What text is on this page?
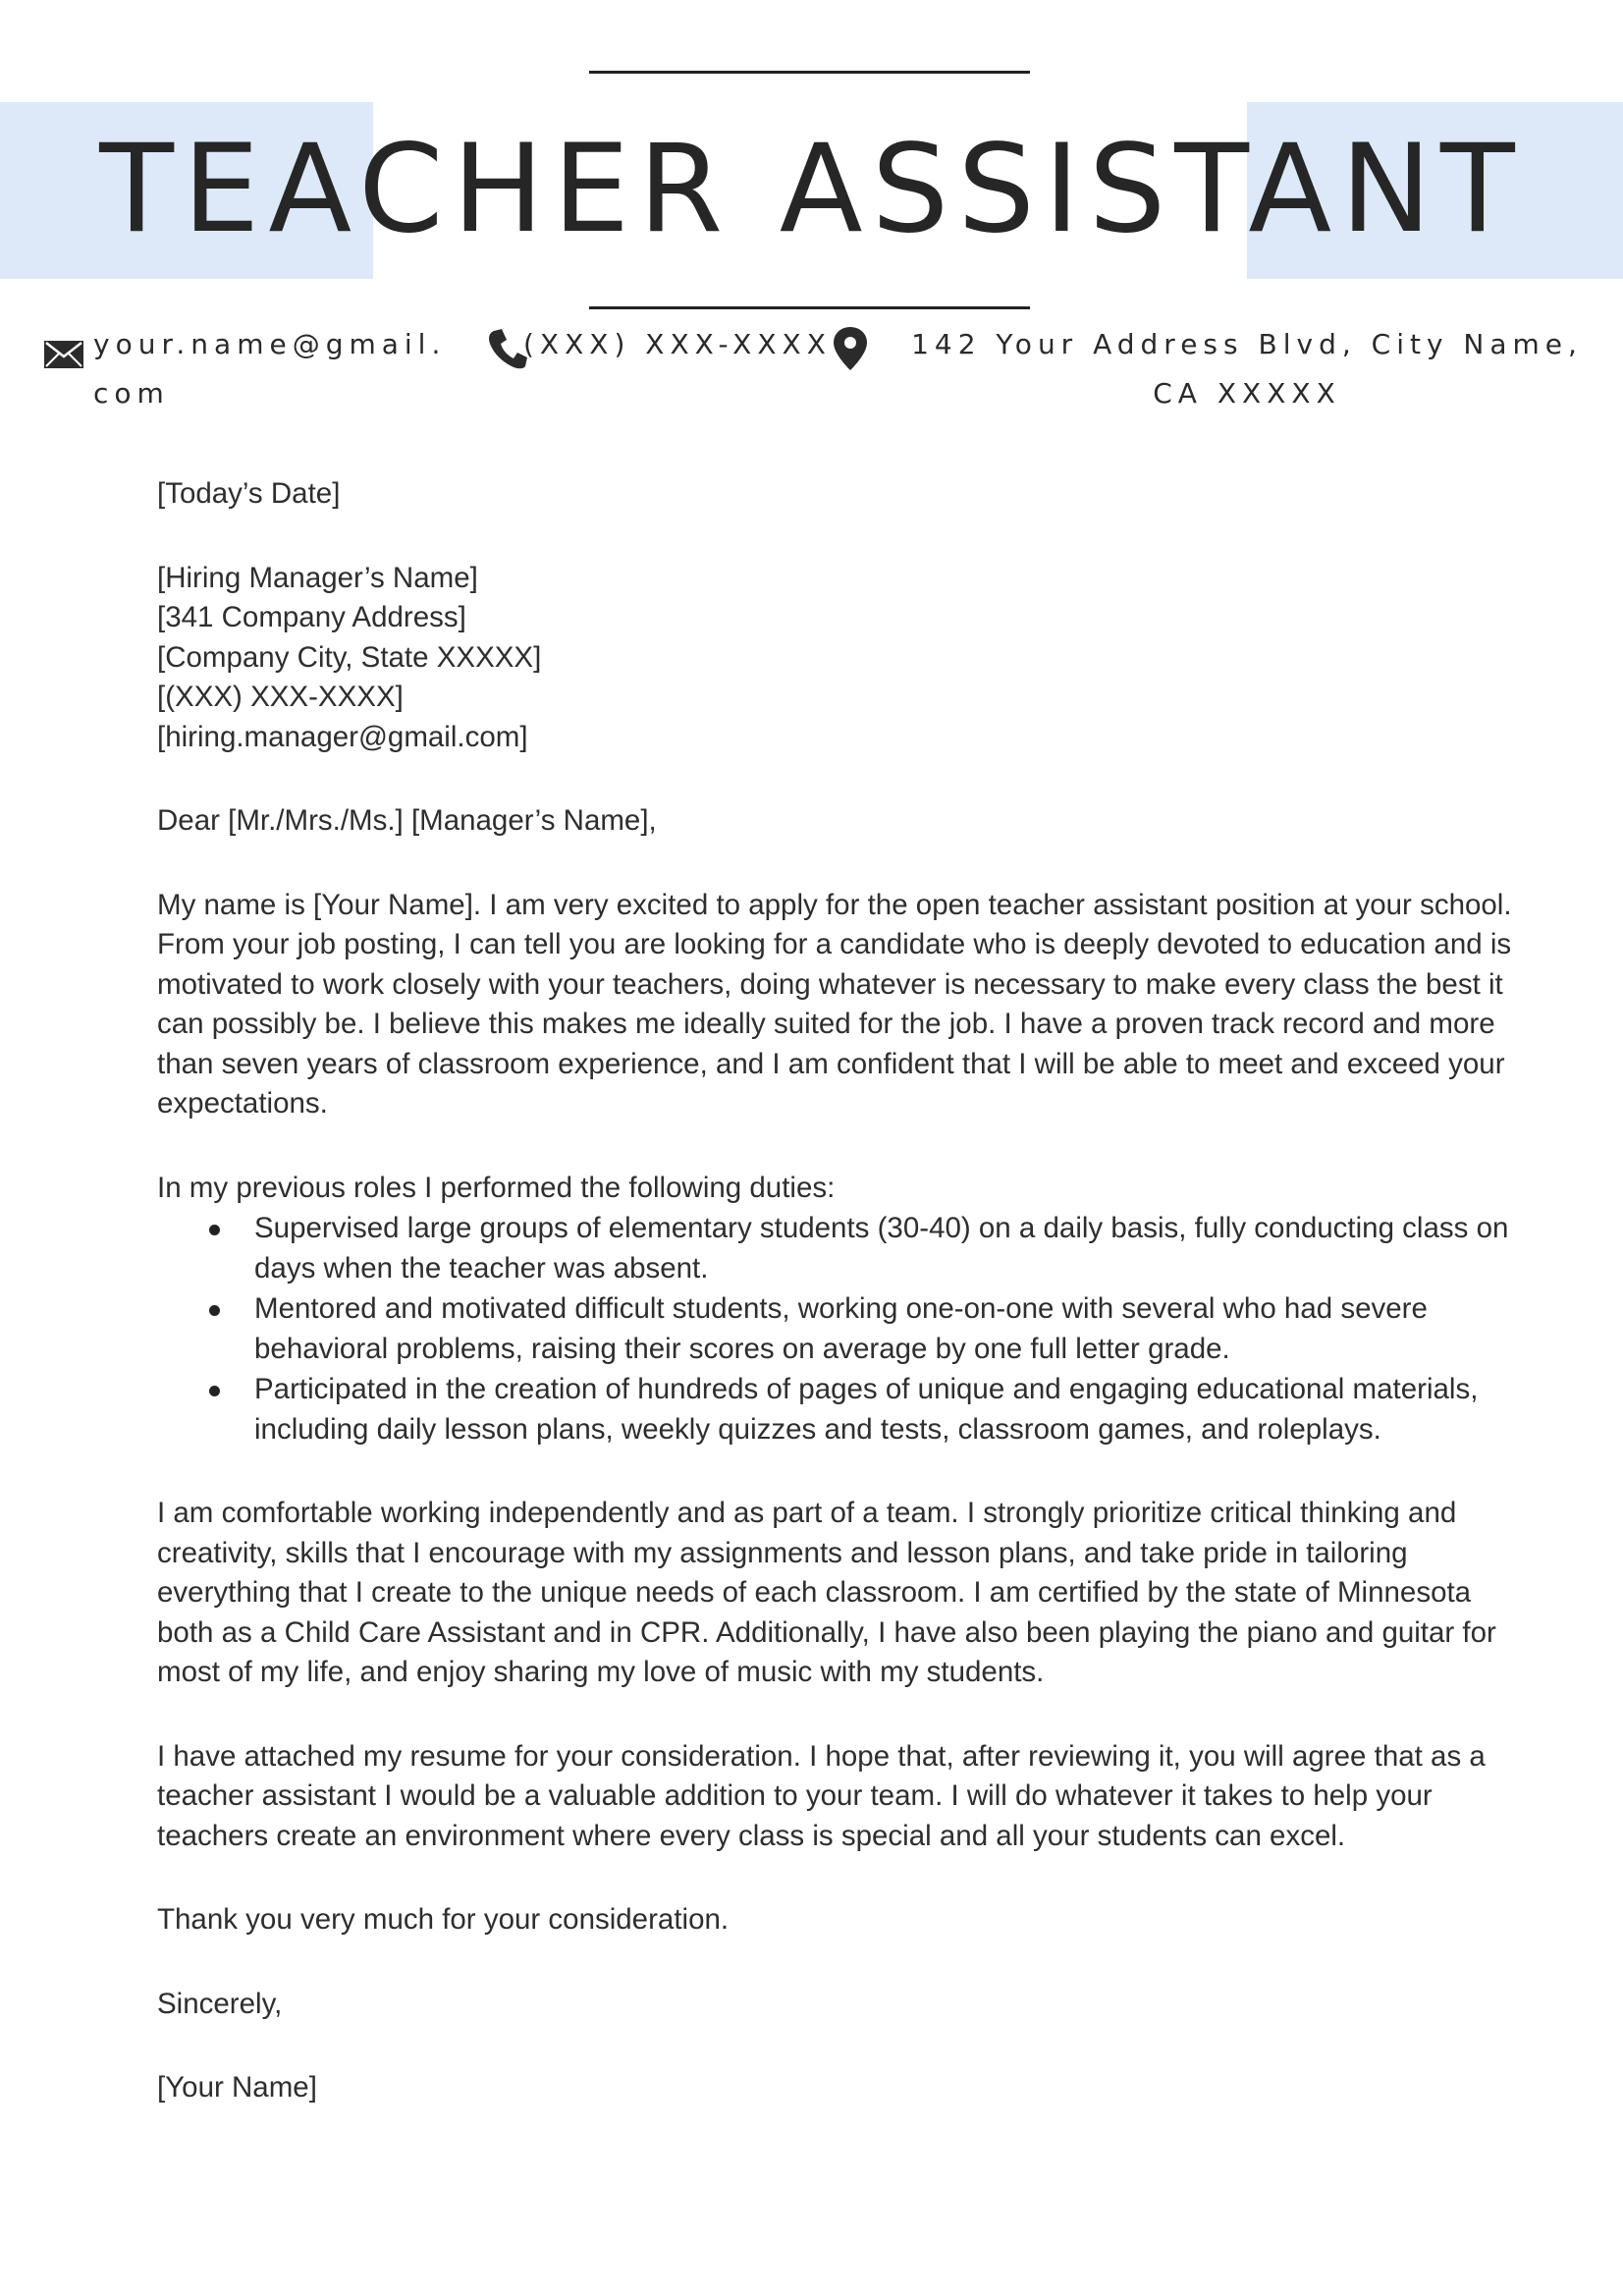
TEACHER ASSISTANT
your.name@gmail.com
(XXX) XXX-XXXX	142 Your Address Blvd, City Name, CA XXXXX

[Today’s Date]

[Hiring Manager’s Name]
[341 Company Address]
[Company City, State XXXXX]
[(XXX) XXX-XXXX]
[hiring.manager@gmail.com]

Dear [Mr./Mrs./Ms.] [Manager’s Name],

My name is [Your Name]. I am very excited to apply for the open teacher assistant position at your school. From your job posting, I can tell you are looking for a candidate who is deeply devoted to education and is motivated to work closely with your teachers, doing whatever is necessary to make every class the best it can possibly be. I believe this makes me ideally suited for the job. I have a proven track record and more than seven years of classroom experience, and I am confident that I will be able to meet and exceed your expectations.

In my previous roles I performed the following duties:

Supervised large groups of elementary students (30-40) on a daily basis, fully conducting class on days when the teacher was absent.
Mentored and motivated difficult students, working one-on-one with several who had severe behavioral problems, raising their scores on average by one full letter grade.
Participated in the creation of hundreds of pages of unique and engaging educational materials, including daily lesson plans, weekly quizzes and tests, classroom games, and roleplays.

I am comfortable working independently and as part of a team. I strongly prioritize critical thinking and creativity, skills that I encourage with my assignments and lesson plans, and take pride in tailoring everything that I create to the unique needs of each classroom. I am certified by the state of Minnesota both as a Child Care Assistant and in CPR. Additionally, I have also been playing the piano and guitar for most of my life, and enjoy sharing my love of music with my students.

I have attached my resume for your consideration. I hope that, after reviewing it, you will agree that as a teacher assistant I would be a valuable addition to your team. I will do whatever it takes to help your teachers create an environment where every class is special and all your students can excel.

Thank you very much for your consideration.

Sincerely,

[Your Name]
